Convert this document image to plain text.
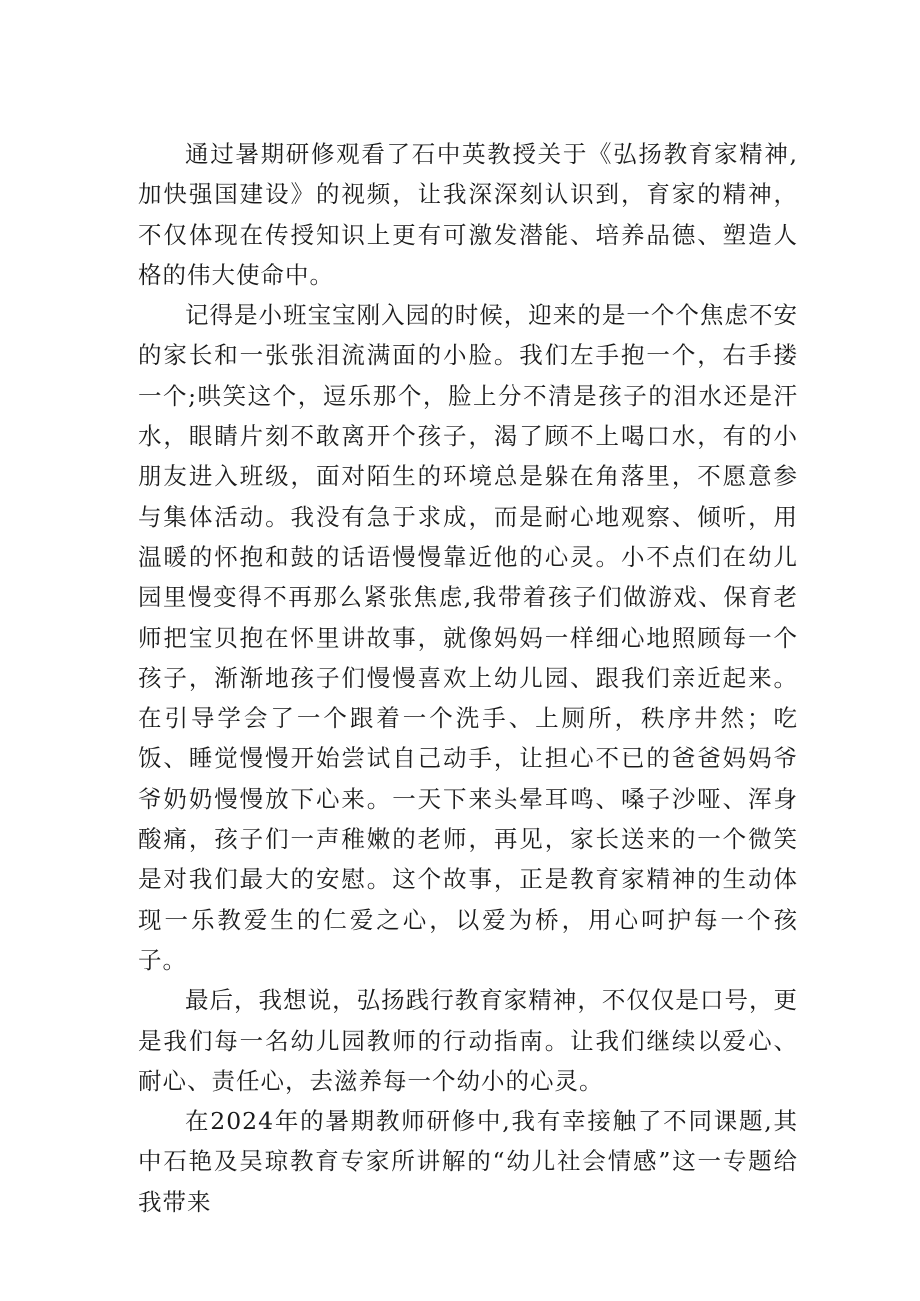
通过暑期研修观看了石中英教授关于《弘扬教育家精神,加快强国建设》的视频，让我深深刻认识到，育家的精神，不仅体现在传授知识上更有可激发潜能、培养品德、塑造人格的伟大使命中。

记得是小班宝宝刚入园的时候，迎来的是一个个焦虑不安的家长和一张张泪流满面的小脸。我们左手抱一个，右手搂一个;哄笑这个，逗乐那个，脸上分不清是孩子的泪水还是汗水，眼睛片刻不敢离开个孩子，渴了顾不上喝口水，有的小朋友进入班级，面对陌生的环境总是躲在角落里，不愿意参与集体活动。我没有急于求成，而是耐心地观察、倾听，用温暖的怀抱和鼓的话语慢慢靠近他的心灵。小不点们在幼儿园里慢变得不再那么紧张焦虑,我带着孩子们做游戏、保育老师把宝贝抱在怀里讲故事，就像妈妈一样细心地照顾每一个孩子，渐渐地孩子们慢慢喜欢上幼儿园、跟我们亲近起来。在引导学会了一个跟着一个洗手、上厕所，秩序井然；吃饭、睡觉慢慢开始尝试自己动手，让担心不已的爸爸妈妈爷爷奶奶慢慢放下心来。一天下来头晕耳鸣、嗓子沙哑、浑身酸痛，孩子们一声稚嫩的老师，再见，家长送来的一个微笑是对我们最大的安慰。这个故事，正是教育家精神的生动体现一乐教爱生的仁爱之心，以爱为桥，用心呵护每一个孩子。

最后，我想说，弘扬践行教育家精神，不仅仅是口号，更是我们每一名幼儿园教师的行动指南。让我们继续以爱心、耐心、责任心，去滋养每一个幼小的心灵。

在2024年的暑期教师研修中,我有幸接触了不同课题,其中石艳及吴琼教育专家所讲解的“幼儿社会情感”这一专题给我带来
